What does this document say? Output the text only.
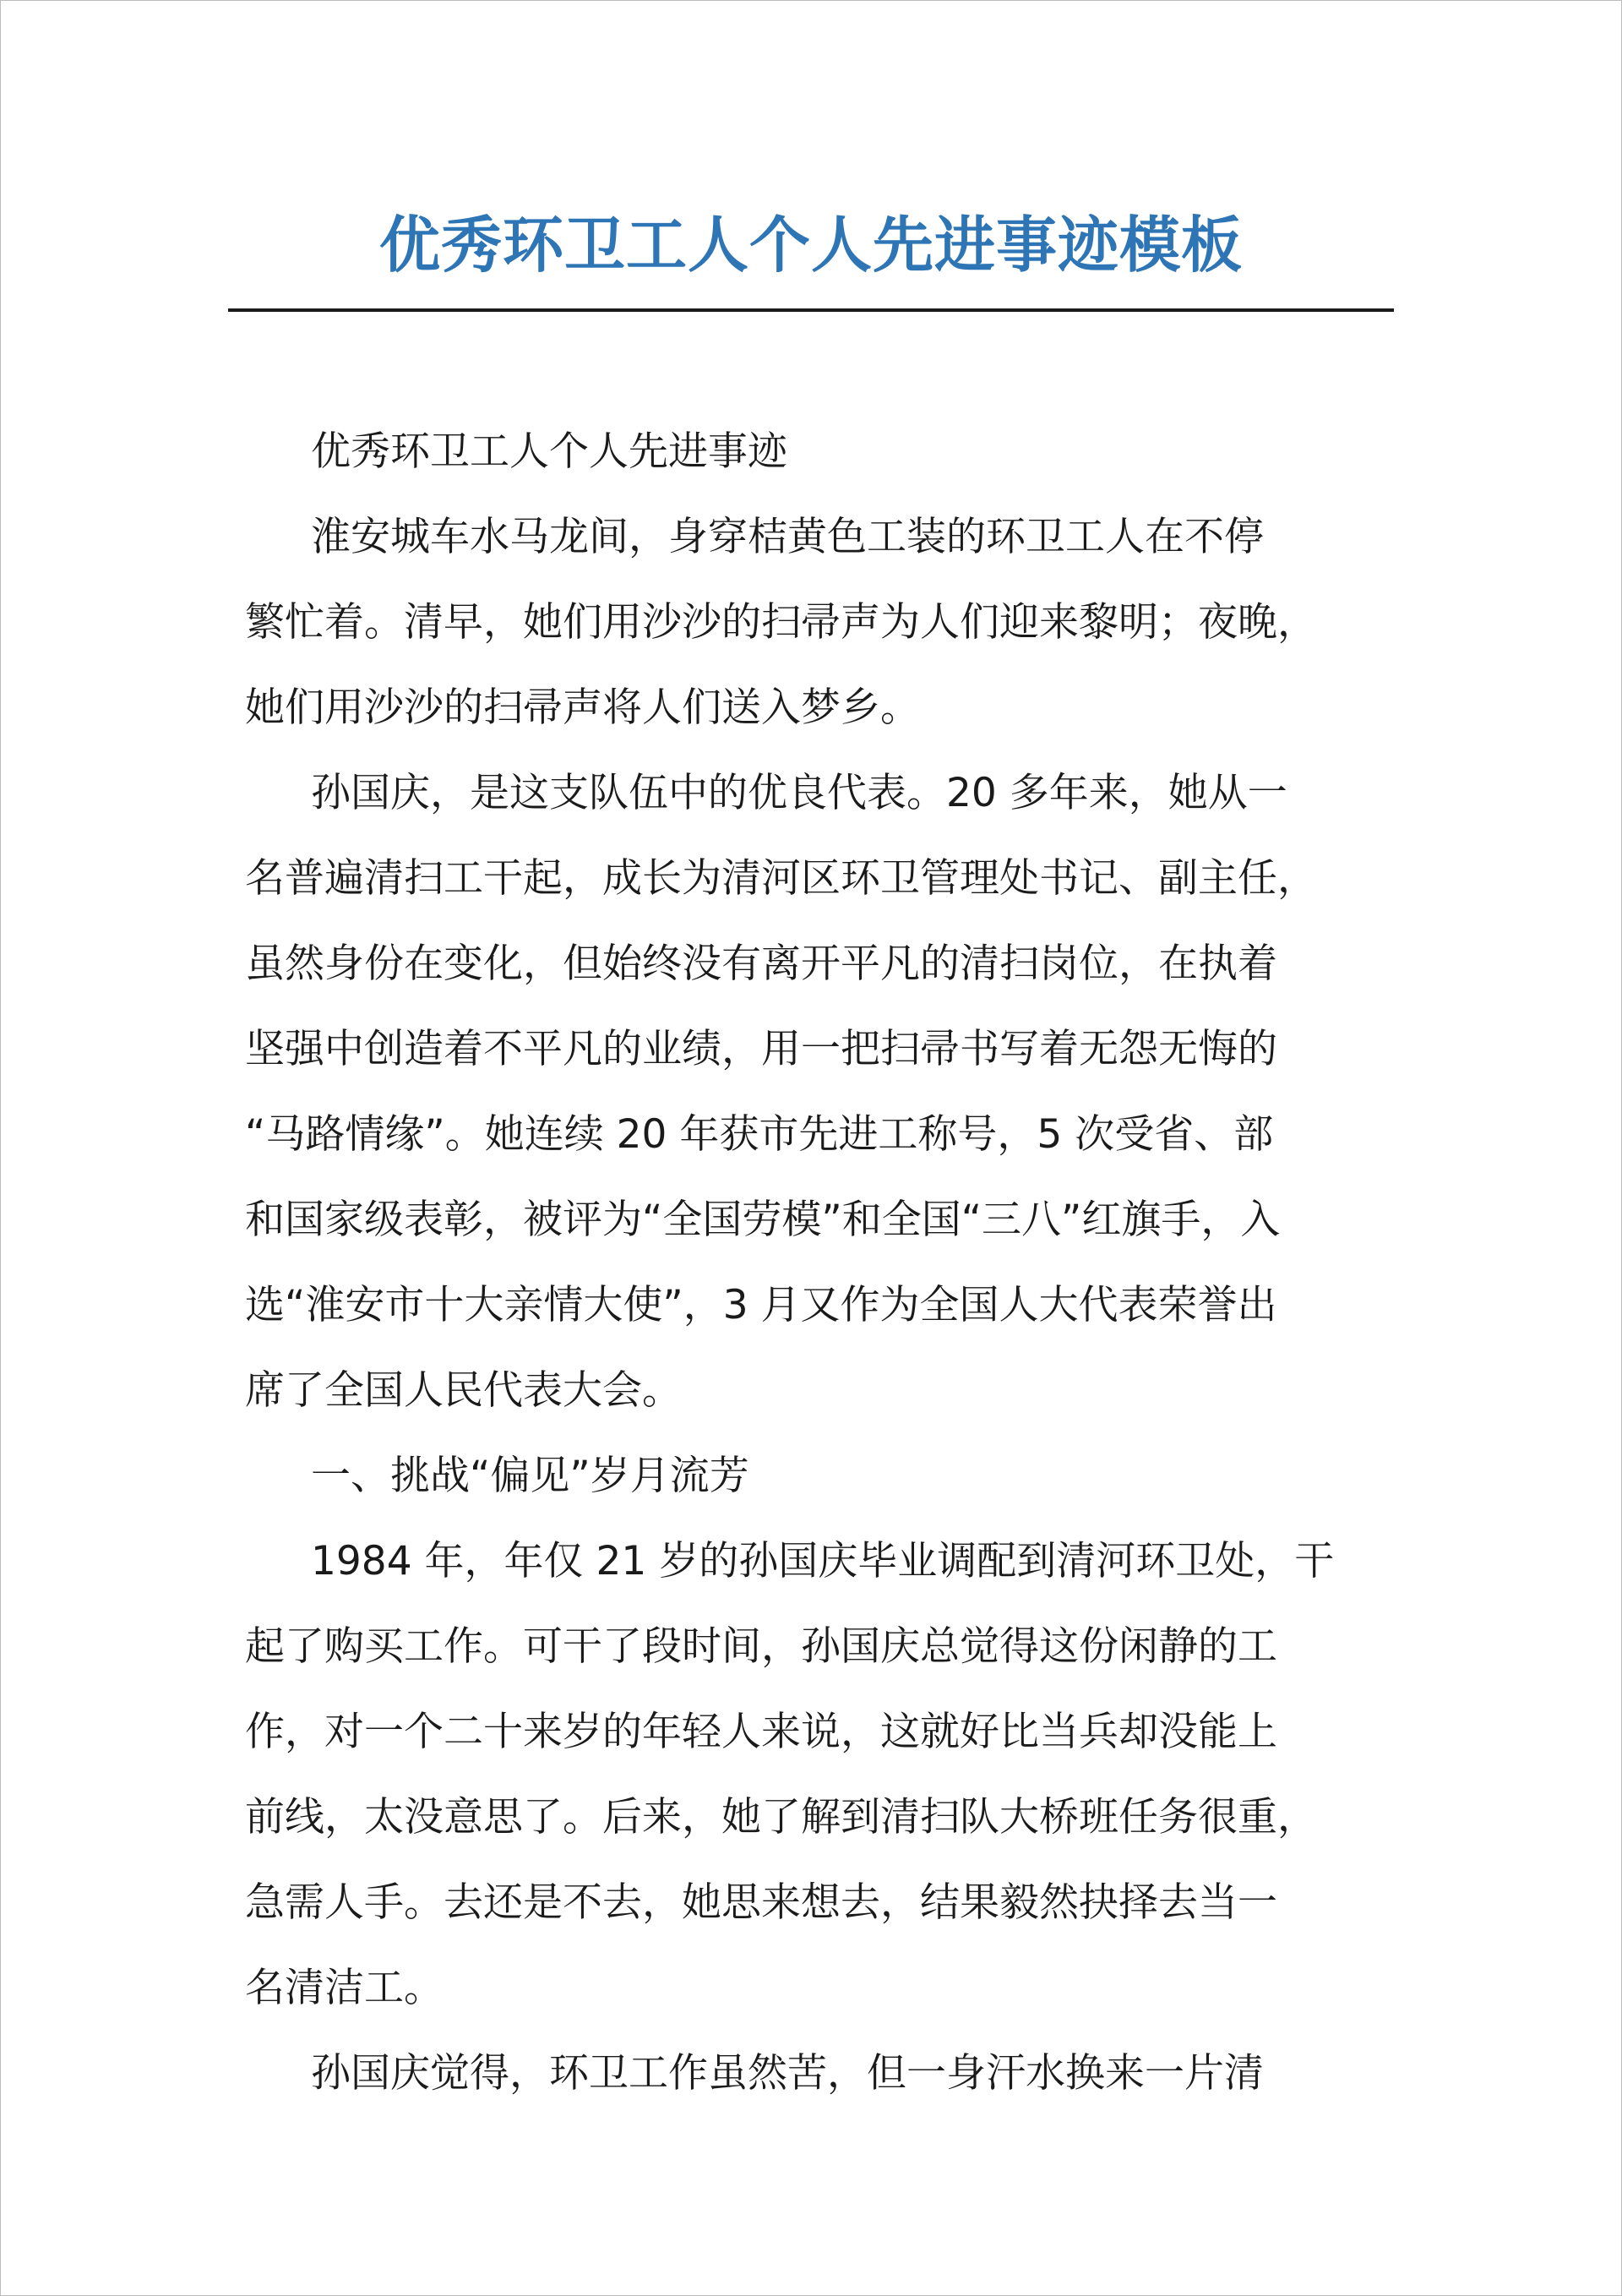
优秀环卫工人个人先进事迹模板
优秀环卫工人个人先进事迹
淮安城车水马龙间，身穿桔黄色工装的环卫工人在不停
繁忙着。清早，她们用沙沙的扫帚声为人们迎来黎明；夜晚，
她们用沙沙的扫帚声将人们送入梦乡。
孙国庆，是这支队伍中的优良代表。20 多年来，她从一
名普遍清扫工干起，成长为清河区环卫管理处书记、副主任，
虽然身份在变化，但始终没有离开平凡的清扫岗位，在执着
坚强中创造着不平凡的业绩，用一把扫帚书写着无怨无悔的
“马路情缘”。她连续 20 年获市先进工称号，5 次受省、部
和国家级表彰，被评为“全国劳模”和全国“三八”红旗手，入
选“淮安市十大亲情大使”，3 月又作为全国人大代表荣誉出
席了全国人民代表大会。
一、挑战“偏见”岁月流芳
1984 年，年仅 21 岁的孙国庆毕业调配到清河环卫处，干
起了购买工作。可干了段时间，孙国庆总觉得这份闲静的工
作，对一个二十来岁的年轻人来说，这就好比当兵却没能上
前线，太没意思了。后来，她了解到清扫队大桥班任务很重，
急需人手。去还是不去，她思来想去，结果毅然抉择去当一
名清洁工。
孙国庆觉得，环卫工作虽然苦，但一身汗水换来一片清
